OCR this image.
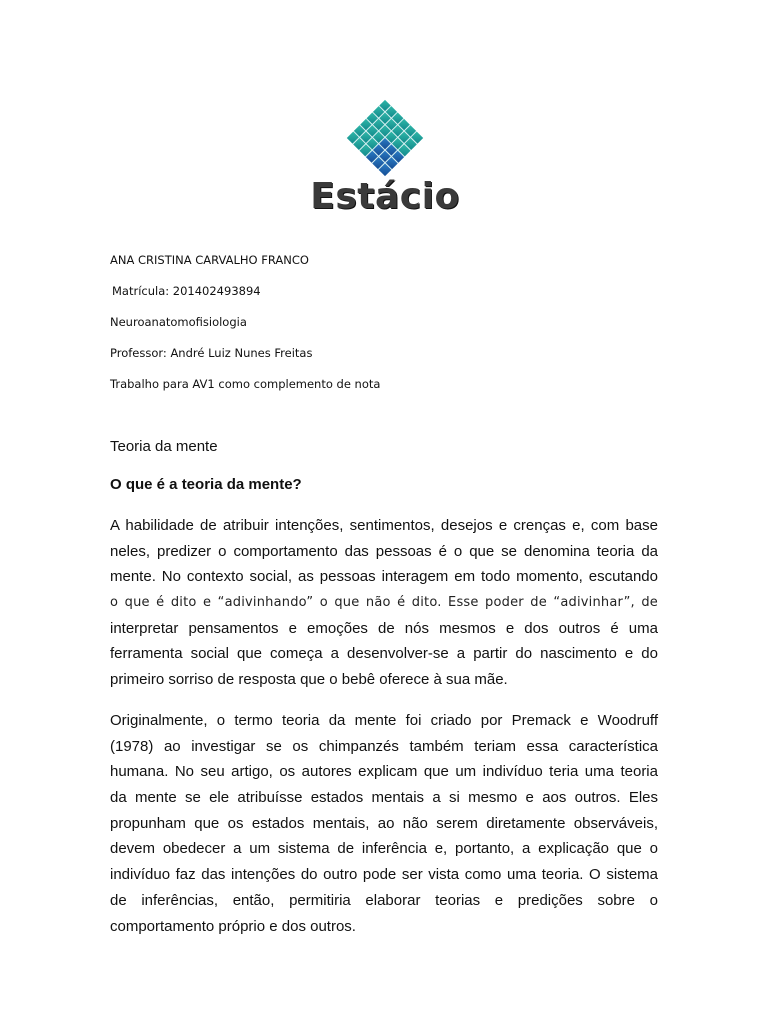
Estácio
ANA CRISTINA CARVALHO FRANCO
Matrícula: 201402493894
Neuroanatomofisiologia
Professor: André Luiz Nunes Freitas
Trabalho para AV1 como complemento de nota
Teoria da mente
O que é a teoria da mente?

A habilidade de atribuir intenções, sentimentos, desejos e crenças e, com base
neles, predizer o comportamento das pessoas é o que se denomina teoria da
mente. No contexto social, as pessoas interagem em todo momento, escutando
o que é dito e “adivinhando” o que não é dito. Esse poder de “adivinhar”, de
interpretar pensamentos e emoções de nós mesmos e dos outros é uma
ferramenta social que começa a desenvolver-se a partir do nascimento e do
primeiro sorriso de resposta que o bebê oferece à sua mãe.

Originalmente, o termo teoria da mente foi criado por Premack e Woodruff
(1978) ao investigar se os chimpanzés também teriam essa característica
humana. No seu artigo, os autores explicam que um indivíduo teria uma teoria
da mente se ele atribuísse estados mentais a si mesmo e aos outros. Eles
propunham que os estados mentais, ao não serem diretamente observáveis,
devem obedecer a um sistema de inferência e, portanto, a explicação que o
indivíduo faz das intenções do outro pode ser vista como uma teoria. O sistema
de inferências, então, permitiria elaborar teorias e predições sobre o
comportamento próprio e dos outros.
